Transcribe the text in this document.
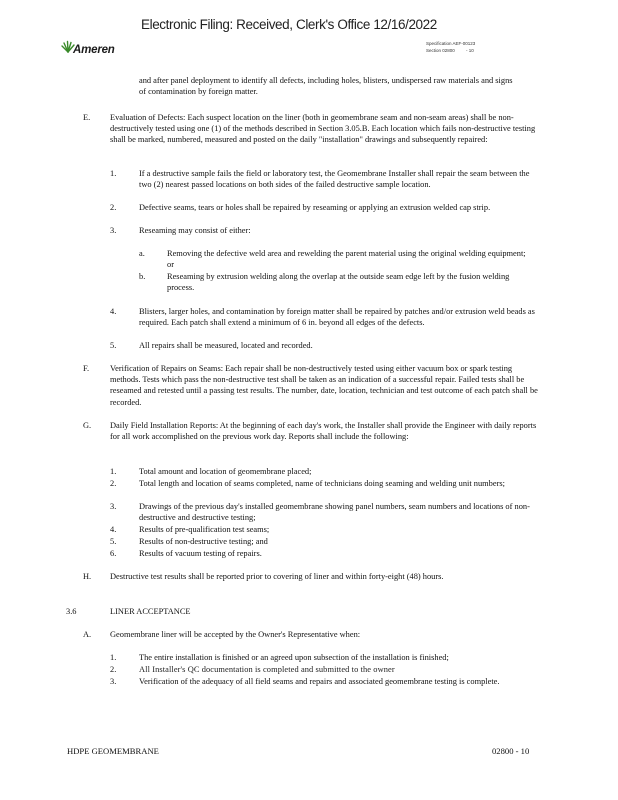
Electronic Filing: Received, Clerk's Office 12/16/2022
Ameren
Specification AEF-00123
Section 02800	- 10
and after panel deployment to identify all defects, including holes, blisters, undispersed raw materials and signs of contamination by foreign matter.
E. Evaluation of Defects: Each suspect location on the liner (both in geomembrane seam and non-seam areas) shall be non-destructively tested using one (1) of the methods described in Section 3.05.B. Each location which fails non-destructive testing shall be marked, numbered, measured and posted on the daily "installation" drawings and subsequently repaired:
1.	If a destructive sample fails the field or laboratory test, the Geomembrane Installer shall repair the seam between the two (2) nearest passed locations on both sides of the failed destructive sample location.
2.	Defective seams, tears or holes shall be repaired by reseaming or applying an extrusion welded cap strip.
3.	Reseaming may consist of either:
a.	Removing the defective weld area and rewelding the parent material using the original welding equipment; or
b.	Reseaming by extrusion welding along the overlap at the outside seam edge left by the fusion welding process.
4.	Blisters, larger holes, and contamination by foreign matter shall be repaired by patches and/or extrusion weld beads as required. Each patch shall extend a minimum of 6 in. beyond all edges of the defects.
5.	All repairs shall be measured, located and recorded.
F. Verification of Repairs on Seams: Each repair shall be non-destructively tested using either vacuum box or spark testing methods. Tests which pass the non-destructive test shall be taken as an indication of a successful repair. Failed tests shall be reseamed and retested until a passing test results. The number, date, location, technician and test outcome of each patch shall be recorded.
G. Daily Field Installation Reports: At the beginning of each day's work, the Installer shall provide the Engineer with daily reports for all work accomplished on the previous work day. Reports shall include the following:
1.	Total amount and location of geomembrane placed;
2.	Total length and location of seams completed, name of technicians doing seaming and welding unit numbers;
3.	Drawings of the previous day's installed geomembrane showing panel numbers, seam numbers and locations of non-destructive and destructive testing;
4.	Results of pre-qualification test seams;
5.	Results of non-destructive testing; and
6.	Results of vacuum testing of repairs.
H. Destructive test results shall be reported prior to covering of liner and within forty-eight (48) hours.
3.6	LINER ACCEPTANCE
A. Geomembrane liner will be accepted by the Owner's Representative when:
1.	The entire installation is finished or an agreed upon subsection of the installation is finished;
2.	All Installer's QC documentation is completed and submitted to the owner
3.	Verification of the adequacy of all field seams and repairs and associated geomembrane testing is complete.
HDPE GEOMEMBRANE	02800 - 10
